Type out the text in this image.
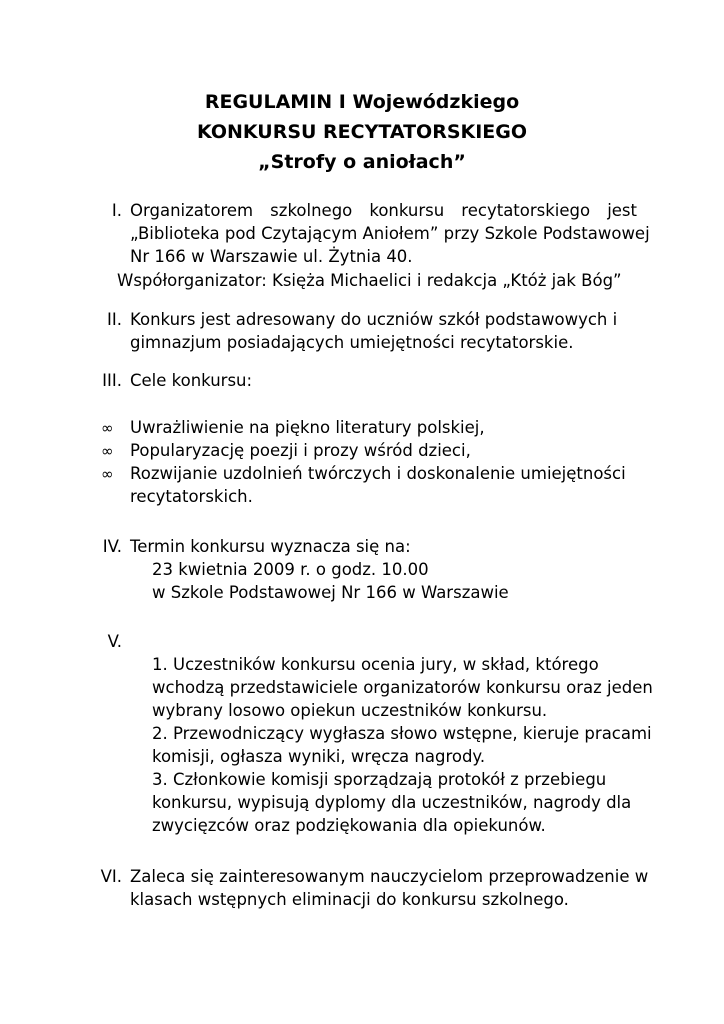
REGULAMIN I Wojewódzkiego
KONKURSU RECYTATORSKIEGO
„Strofy o aniołach”
I. Organizatorem szkolnego konkursu recytatorskiego jest
„Biblioteka pod Czytającym Aniołem” przy Szkole Podstawowej
Nr 166 w Warszawie ul. Żytnia 40.
Współorganizator: Księża Michaelici i redakcja „Któż jak Bóg”
II. Konkurs jest adresowany do uczniów szkół podstawowych i
gimnazjum posiadających umiejętności recytatorskie.
III. Cele konkursu:
∞ Uwrażliwienie na piękno literatury polskiej,
∞ Popularyzację poezji i prozy wśród dzieci,
∞ Rozwijanie uzdolnień twórczych i doskonalenie umiejętności
recytatorskich.
IV. Termin konkursu wyznacza się na:
23 kwietnia 2009 r. o godz. 10.00
w Szkole Podstawowej Nr 166 w Warszawie
V.
1. Uczestników konkursu ocenia jury, w skład, którego
wchodzą przedstawiciele organizatorów konkursu oraz jeden
wybrany losowo opiekun uczestników konkursu.
2. Przewodniczący wygłasza słowo wstępne, kieruje pracami
komisji, ogłasza wyniki, wręcza nagrody.
3. Członkowie komisji sporządzają protokół z przebiegu
konkursu, wypisują dyplomy dla uczestników, nagrody dla
zwycięzców oraz podziękowania dla opiekunów.
VI. Zaleca się zainteresowanym nauczycielom przeprowadzenie w
klasach wstępnych eliminacji do konkursu szkolnego.
